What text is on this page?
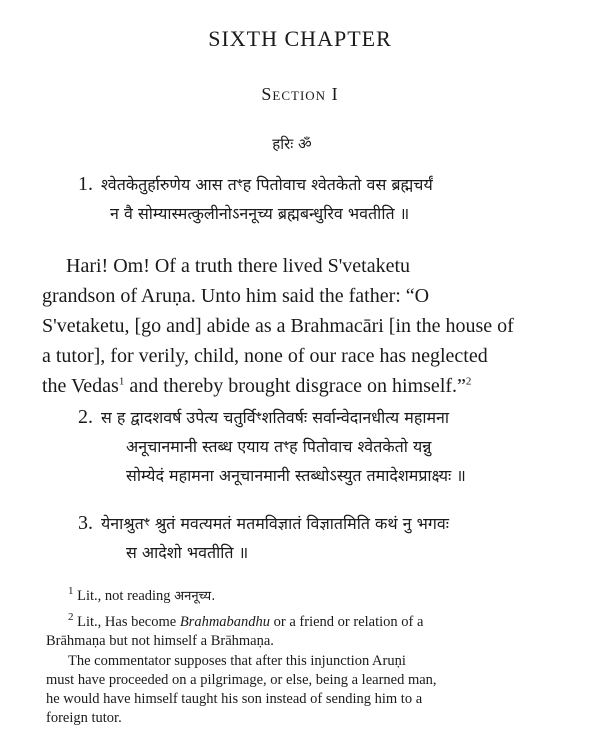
SIXTH CHAPTER
Section I
हरिः ॐ
1. श्वेतकेतुर्हारुणेय आस तꣳह पितोवाच श्वेतकेतो वस ब्रह्मचर्यं
न वै सोम्यास्मत्कुलीनोऽननूच्य ब्रह्मबन्धुरिव भवतीति ॥
Hari! Om! Of a truth there lived S'vetaketu
grandson of Aruṇa. Unto him said the father: “O
S'vetaketu, [go and] abide as a Brahmacāri [in the house of
a tutor], for verily, child, none of our race has neglected
the Vedas$^1$ and thereby brought disgrace on himself.”$^2$
2. स ह द्वादशवर्ष उपेत्य चतुर्विꣳशतिवर्षः सर्वान्वेदानधीत्य महामना
अनूचानमानी स्तब्ध एयाय तꣳह पितोवाच श्वेतकेतो यन्नु
सोम्येदं महामना अनूचानमानी स्तब्धोऽस्युत तमादेशमप्राक्ष्यः ॥
3. येनाश्रुतꣳ श्रुतं मवत्यमतं मतमविज्ञातं विज्ञातमिति कथं नु भगवः
स आदेशो भवतीति ॥
$^1$ Lit., not reading अननूच्य.
$^2$ Lit., Has become Brahmabandhu or a friend or relation of a
Brāhmaṇa but not himself a Brāhmaṇa.
The commentator supposes that after this injunction Aruṇi
must have proceeded on a pilgrimage, or else, being a learned man,
he would have himself taught his son instead of sending him to a
foreign tutor.
